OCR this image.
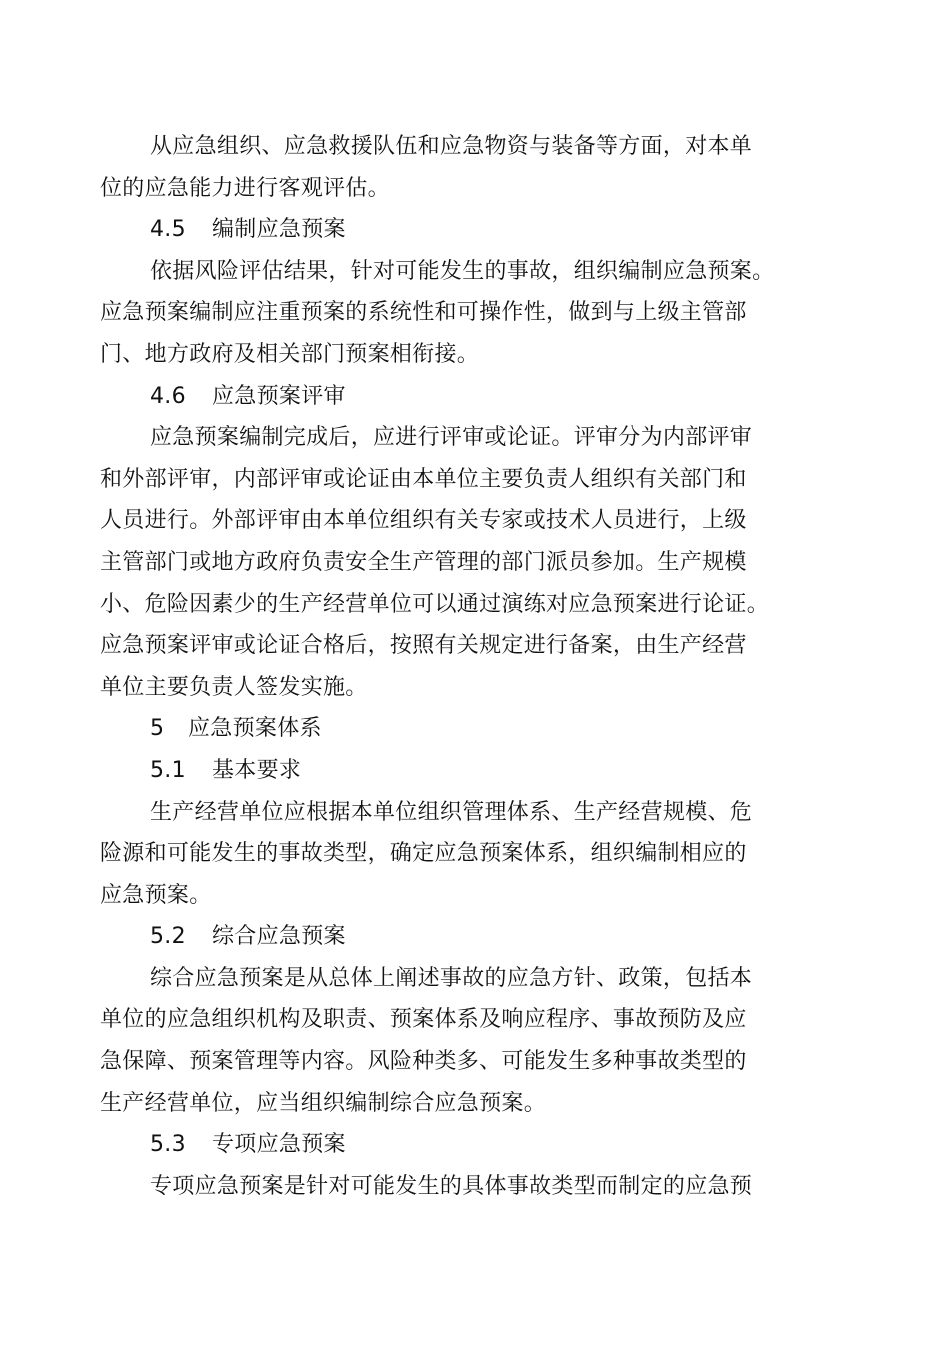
从应急组织、应急救援队伍和应急物资与装备等方面，对本单
位的应急能力进行客观评估。
4.5 编制应急预案
依据风险评估结果，针对可能发生的事故，组织编制应急预案。
应急预案编制应注重预案的系统性和可操作性，做到与上级主管部
门、地方政府及相关部门预案相衔接。
4.6 应急预案评审
应急预案编制完成后，应进行评审或论证。评审分为内部评审
和外部评审，内部评审或论证由本单位主要负责人组织有关部门和
人员进行。外部评审由本单位组织有关专家或技术人员进行，上级
主管部门或地方政府负责安全生产管理的部门派员参加。生产规模
小、危险因素少的生产经营单位可以通过演练对应急预案进行论证。
应急预案评审或论证合格后，按照有关规定进行备案，由生产经营
单位主要负责人签发实施。
5 应急预案体系
5.1 基本要求
生产经营单位应根据本单位组织管理体系、生产经营规模、危
险源和可能发生的事故类型，确定应急预案体系，组织编制相应的
应急预案。
5.2 综合应急预案
综合应急预案是从总体上阐述事故的应急方针、政策，包括本
单位的应急组织机构及职责、预案体系及响应程序、事故预防及应
急保障、预案管理等内容。风险种类多、可能发生多种事故类型的
生产经营单位，应当组织编制综合应急预案。
5.3 专项应急预案
专项应急预案是针对可能发生的具体事故类型而制定的应急预
